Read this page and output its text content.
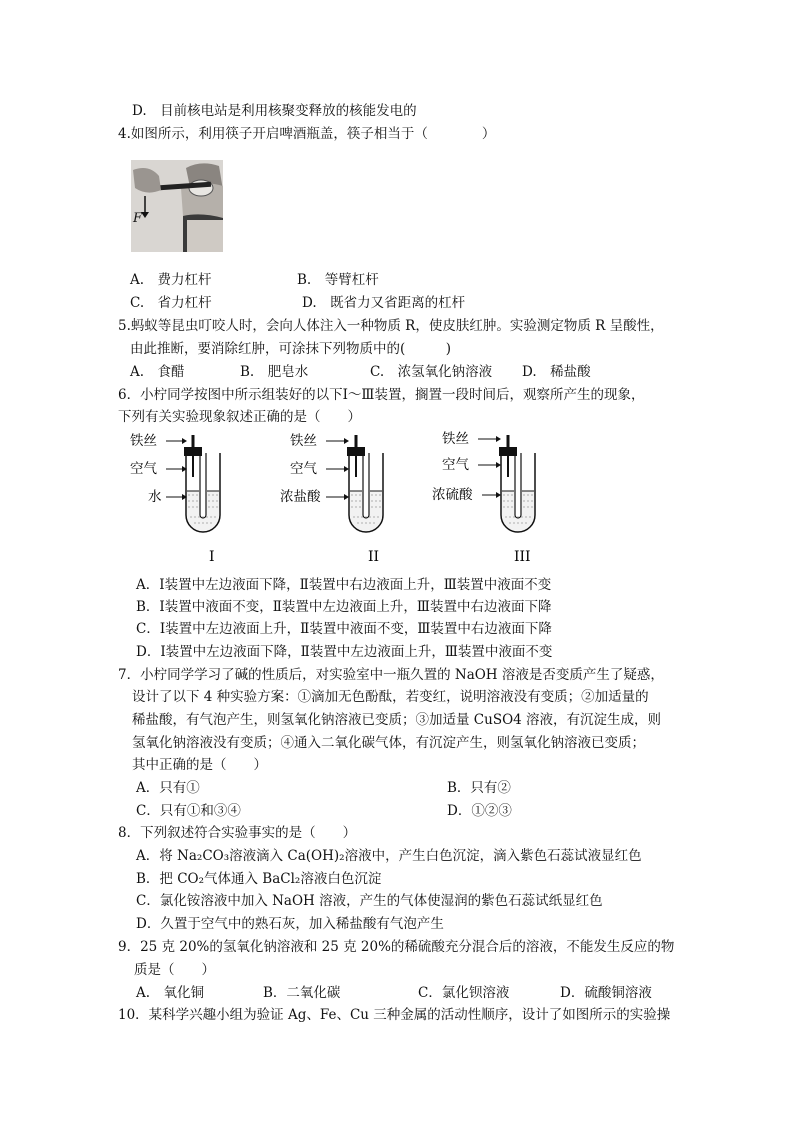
D.　目前核电站是利用核聚变释放的核能发电的
4.如图所示，利用筷子开启啤酒瓶盖，筷子相当于（　　　　）
F
A.　费力杠杆	B.　等臂杠杆
C.　省力杠杆	D.　既省力又省距离的杠杆
5.蚂蚁等昆虫叮咬人时，会向人体注入一种物质 R，使皮肤红肿。实验测定物质 R 呈酸性，
由此推断，要消除红肿，可涂抹下列物质中的(　　　)
A.　食醋	B.　肥皂水	C.　浓氢氧化钠溶液 D.　稀盐酸
6．小柠同学按图中所示组装好的以下Ⅰ～Ⅲ装置，搁置一段时间后，观察所产生的现象，
下列有关实验现象叙述正确的是（　　）
铁丝
空气
水
I
铁丝
空气
浓盐酸
II
铁丝
空气
浓硫酸
III
A．Ⅰ装置中左边液面下降，Ⅱ装置中右边液面上升，Ⅲ装置中液面不变
B．Ⅰ装置中液面不变，Ⅱ装置中左边液面上升，Ⅲ装置中右边液面下降
C．Ⅰ装置中左边液面上升，Ⅱ装置中液面不变，Ⅲ装置中右边液面下降
D．Ⅰ装置中左边液面下降，Ⅱ装置中左边液面上升，Ⅲ装置中液面不变
7．小柠同学学习了碱的性质后，对实验室中一瓶久置的 NaOH 溶液是否变质产生了疑惑，
设计了以下 4 种实验方案：①滴加无色酚酞，若变红，说明溶液没有变质；②加适量的
稀盐酸，有气泡产生，则氢氧化钠溶液已变质；③加适量 CuSO4 溶液，有沉淀生成，则
氢氧化钠溶液没有变质；④通入二氧化碳气体，有沉淀产生，则氢氧化钠溶液已变质；
其中正确的是（　　）
A．只有①	B．只有②
C．只有①和③④	D．①②③
8．下列叙述符合实验事实的是（　　）
A．将 Na₂CO₃溶液滴入 Ca(OH)₂溶液中，产生白色沉淀，滴入紫色石蕊试液显红色
B．把 CO₂气体通入 BaCl₂溶液白色沉淀
C．氯化铵溶液中加入 NaOH 溶液，产生的气体使湿润的紫色石蕊试纸显红色
D．久置于空气中的熟石灰，加入稀盐酸有气泡产生
9．25 克 20%的氢氧化钠溶液和 25 克 20%的稀硫酸充分混合后的溶液，不能发生反应的物
质是（　　）
A.　氧化铜	B．二氧化碳	C．氯化钡溶液	D．硫酸铜溶液
10．某科学兴趣小组为验证 Ag、Fe、Cu 三种金属的活动性顺序，设计了如图所示的实验操
